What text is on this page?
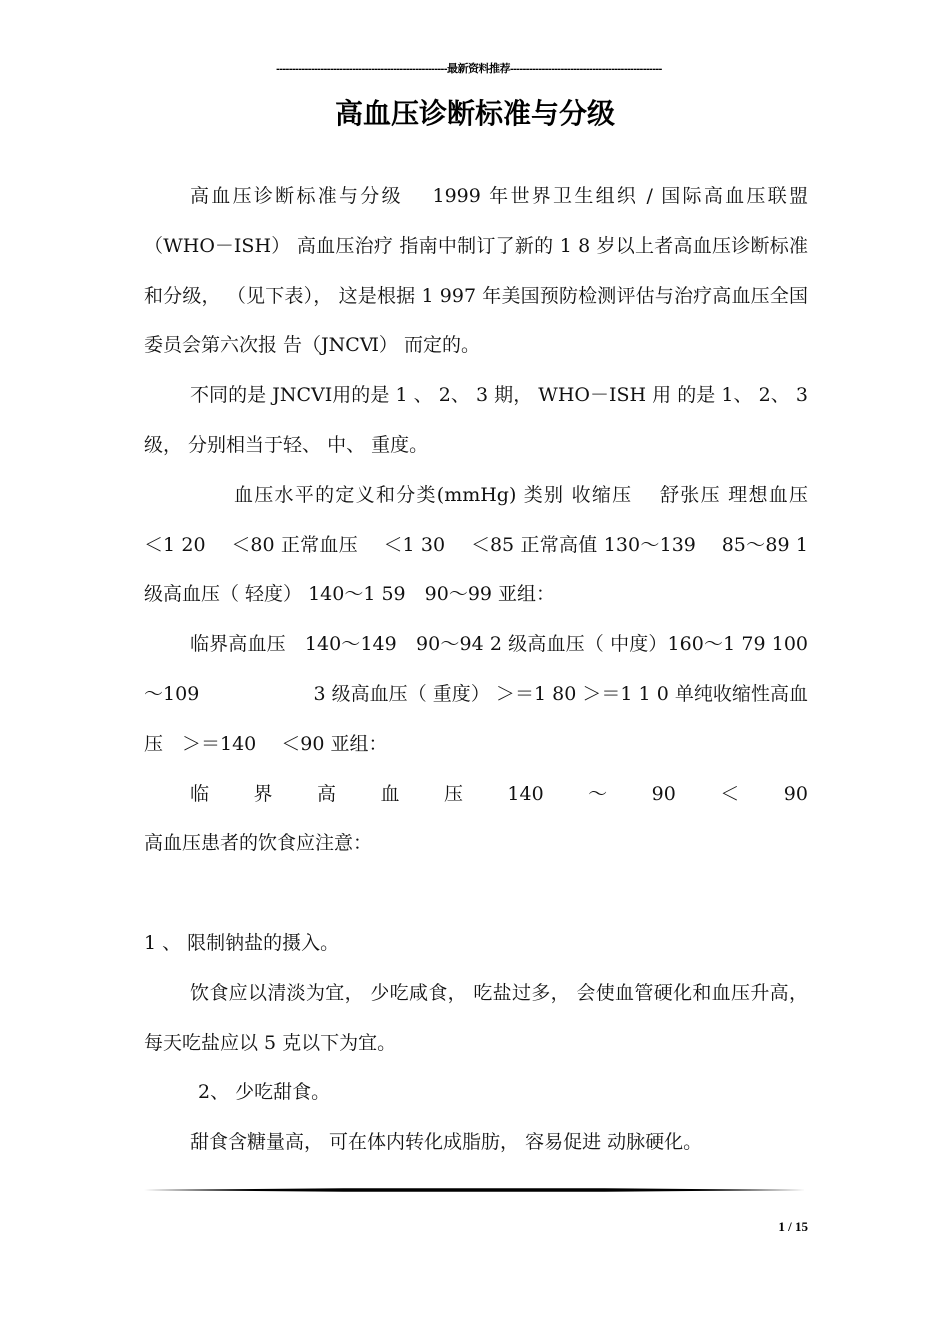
------------------------------------------------------最新资料推荐------------------------------------------------
高血压诊断标准与分级

高血压诊断标准与分级　 1999 年世界卫生组织 / 国际高血压联盟（WHO－ISH） 高血压治疗 指南中制订了新的 1 8 岁以上者高血压诊断标准和分级， （见下表）， 这是根据 1 997 年美国预防检测评估与治疗高血压全国委员会第六次报 告（JNCⅥ） 而定的。

不同的是 JNCVI用的是 1 、 2、 3 期， WHO－ISH 用 的是 1、 2、 3 级， 分别相当于轻、 中、 重度。

血压水平的定义和分类(mmHg) 类别 收缩压　 舒张压 理想血压　 ＜1 20　 ＜80 正常血压　 ＜1 30　 ＜85 正常高值 130～139　 85～89 1 级高血压（ 轻度） 140～1 59　90～99 亚组：

临界高血压　140～149　90～94 2 级高血压（ 中度）160～1 79 100～109　　　　　　3 级高血压（ 重度） ＞＝1 80 ＞＝1 1 0 单纯收缩性高血压　＞＝140　 ＜90 亚组：

临 界 高 血 压 140 ～ 90 ＜ 90

高血压患者的饮食应注意：

1 、 限制钠盐的摄入。

饮食应以清淡为宜， 少吃咸食， 吃盐过多， 会使血管硬化和血压升高， 每天吃盐应以 5 克以下为宜。

2、 少吃甜食。

甜食含糖量高， 可在体内转化成脂肪， 容易促进 动脉硬化。

1 / 15
